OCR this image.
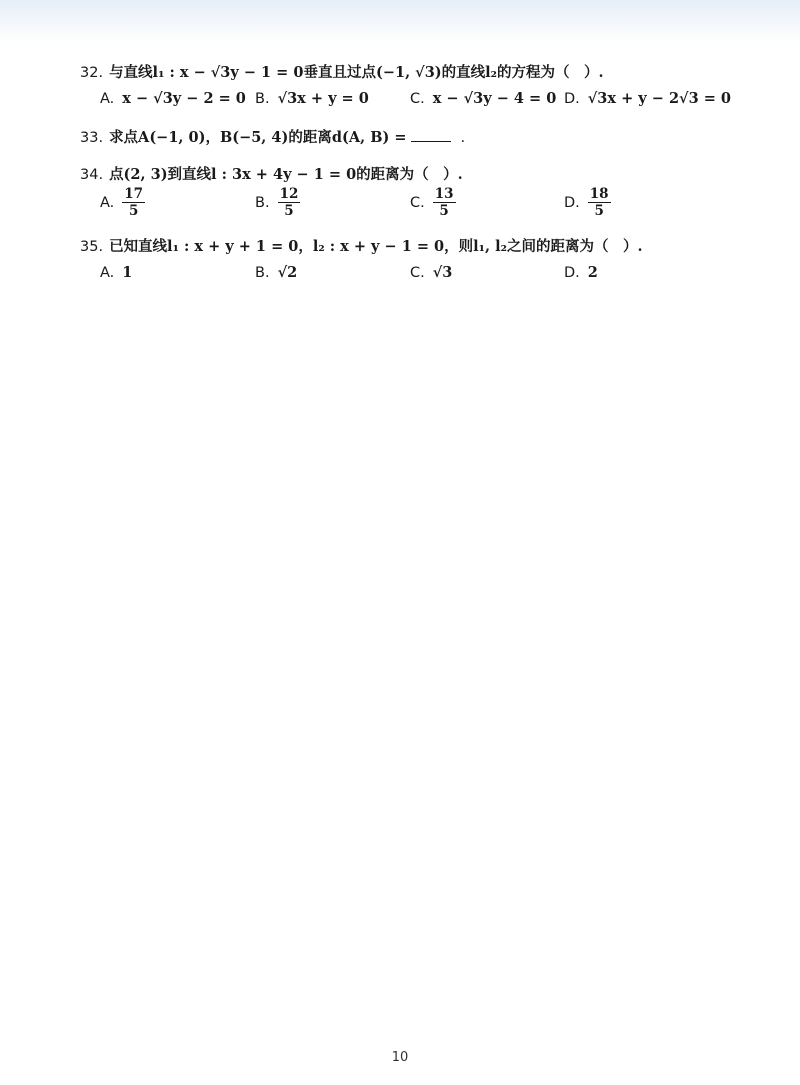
32. 与直线l₁ : x − √3y − 1 = 0垂直且过点(−1, √3)的直线l₂的方程为（　）.
A. x − √3y − 2 = 0 B. √3x + y = 0	C. x − √3y − 4 = 0 D. √3x + y − 2√3 = 0
33. 求点A(−1, 0)，B(−5, 4)的距离d(A, B) =	.
34. 点(2, 3)到直线l : 3x + 4y − 1 = 0的距离为（　）.
A. $\frac{17}{5}$	B. $\frac{12}{5}$	C. $\frac{13}{5}$	D. $\frac{18}{5}$
35. 已知直线l₁ : x + y + 1 = 0，l₂ : x + y − 1 = 0，则l₁, l₂之间的距离为（　）.
A. 1	B. √2	C. √3	D. 2
10
